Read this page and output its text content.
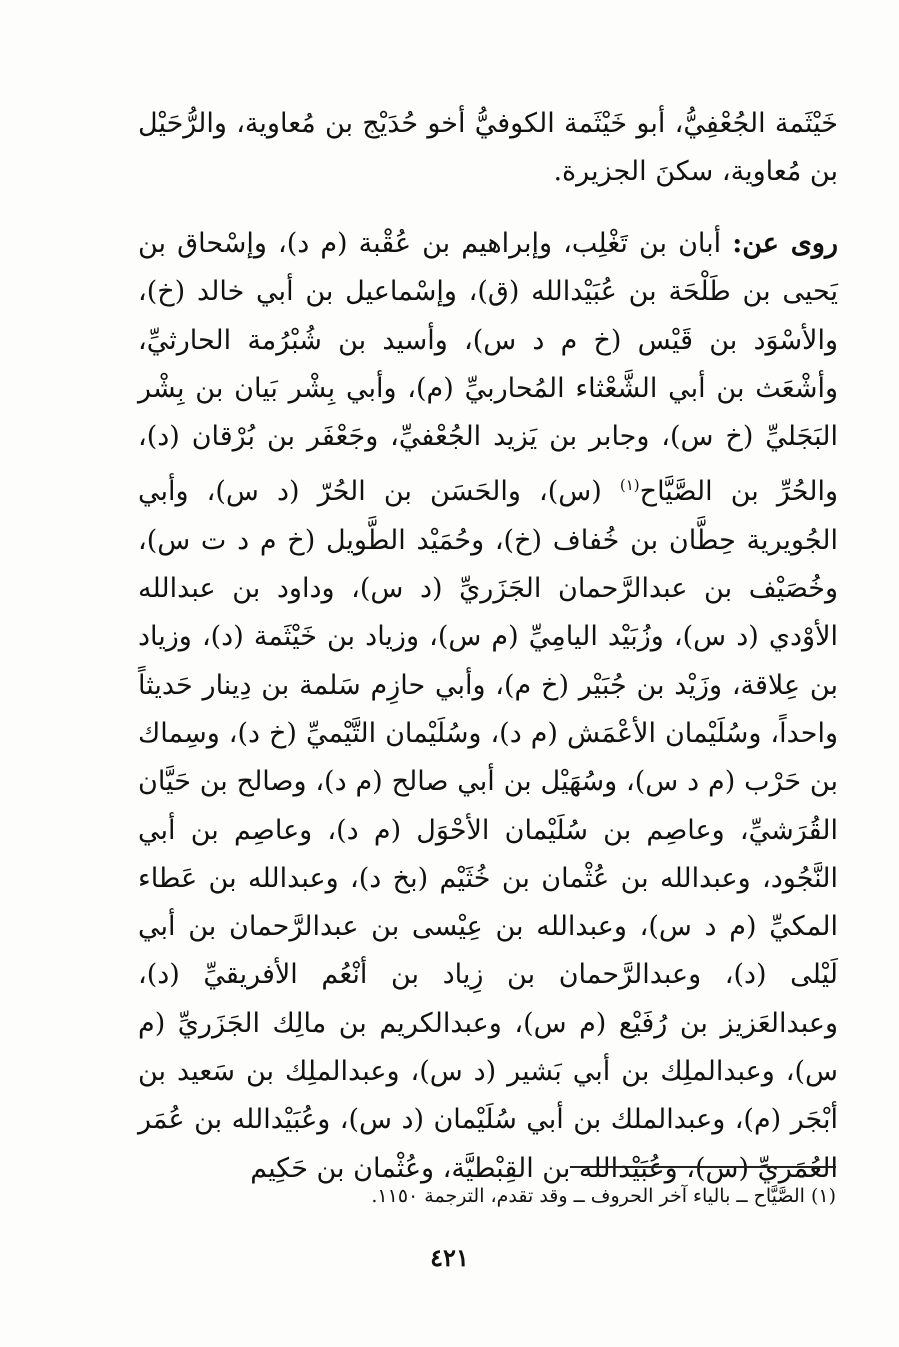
خَيْثَمة الجُعْفِيُّ، أبو خَيْثَمة الكوفيُّ أخو حُدَيْج بن مُعاوية، والرُّحَيْل بن مُعاوية، سكنَ الجزيرة.

روى عن: أبان بن تَغْلِب، وإبراهيم بن عُقْبة (م د)، وإسْحاق بن يَحيى بن طَلْحَة بن عُبَيْدالله (ق)، وإسْماعيل بن أبي خالد (خ)، والأسْوَد بن قَيْس (خ م د س)، وأسيد بن شُبْرُمة الحارثيِّ، وأشْعَث بن أبي الشَّعْثاء المُحاربيِّ (م)، وأبي بِشْر بَيان بن بِشْر البَجَليِّ (خ س)، وجابر بن يَزيد الجُعْفيِّ، وجَعْفَر بن بُرْقان (د)، والحُرِّ بن الصَّيَّاح$^{(١)}$ (س)، والحَسَن بن الحُرّ (د س)، وأبي الجُويرية حِطَّان بن خُفاف (خ)، وحُمَيْد الطَّويل (خ م د ت س)، وخُصَيْف بن عبدالرَّحمان الجَزَريِّ (د س)، وداود بن عبدالله الأوْدي (د س)، وزُبَيْد اليامِيِّ (م س)، وزياد بن خَيْثَمة (د)، وزياد بن عِلاقة، وزَيْد بن جُبَيْر (خ م)، وأبي حازِم سَلمة بن دِينار حَديثاً واحداً، وسُلَيْمان الأعْمَش (م د)، وسُلَيْمان التَّيْميِّ (خ د)، وسِماك بن حَرْب (م د س)، وسُهَيْل بن أبي صالح (م د)، وصالح بن حَيَّان القُرَشيِّ، وعاصِم بن سُلَيْمان الأحْوَل (م د)، وعاصِم بن أبي النَّجُود، وعبدالله بن عُثْمان بن خُثَيْم (بخ د)، وعبدالله بن عَطاء المكيِّ (م د س)، وعبدالله بن عِيْسى بن عبدالرَّحمان بن أبي لَيْلى (د)، وعبدالرَّحمان بن زِياد بن أنْعُم الأفريقيِّ (د)، وعبدالعَزيز بن رُفَيْع (م س)، وعبدالكريم بن مالِك الجَزَريِّ (م س)، وعبدالملِك بن أبي بَشير (د س)، وعبدالملِك بن سَعيد بن أبْجَر (م)، وعبدالملك بن أبي سُلَيْمان (د س)، وعُبَيْدالله بن عُمَر العُمَريِّ (س)، وعُبَيْدالله بن القِبْطيَّة، وعُثْمان بن حَكِيم

(١) الصَّيَّاح ــ بالياء آخر الحروف ــ وقد تقدم، الترجمة ١١٥٠.

٤٢١
